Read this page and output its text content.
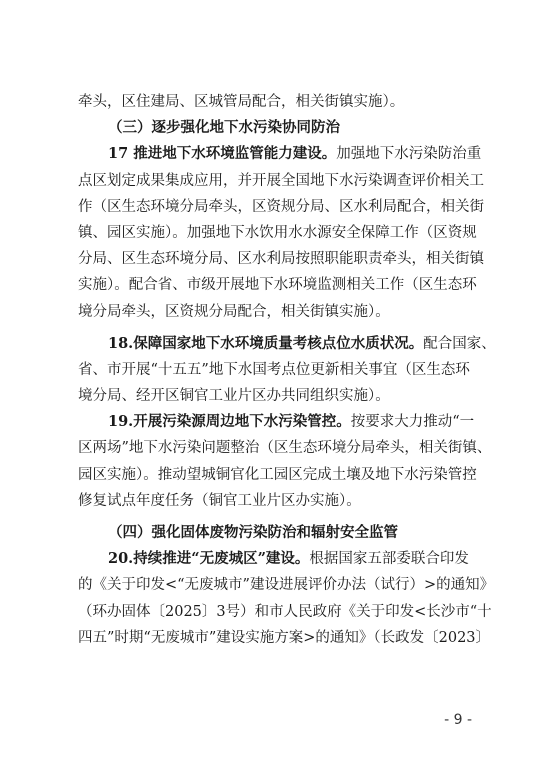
牵头，区住建局、区城管局配合，相关街镇实施）。
（三）逐步强化地下水污染协同防治
17 推进地下水环境监管能力建设。加强地下水污染防治重
点区划定成果集成应用，并开展全国地下水污染调查评价相关工
作（区生态环境分局牵头，区资规分局、区水利局配合，相关街
镇、园区实施）。加强地下水饮用水水源安全保障工作（区资规
分局、区生态环境分局、区水利局按照职能职责牵头，相关街镇
实施）。配合省、市级开展地下水环境监测相关工作（区生态环
境分局牵头，区资规分局配合，相关街镇实施）。
18.保障国家地下水环境质量考核点位水质状况。配合国家、
省、市开展“十五五”地下水国考点位更新相关事宜（区生态环
境分局、经开区铜官工业片区办共同组织实施）。
19.开展污染源周边地下水污染管控。按要求大力推动“一
区两场”地下水污染问题整治（区生态环境分局牵头，相关街镇、
园区实施）。推动望城铜官化工园区完成土壤及地下水污染管控
修复试点年度任务（铜官工业片区办实施）。
（四）强化固体废物污染防治和辐射安全监管
20.持续推进“无废城区”建设。根据国家五部委联合印发
的《关于印发<“无废城市”建设进展评价办法（试行）>的通知》
（环办固体〔2025〕3号）和市人民政府《关于印发<长沙市“十
四五”时期“无废城市”建设实施方案>的通知》（长政发〔2023〕
- 9 -
